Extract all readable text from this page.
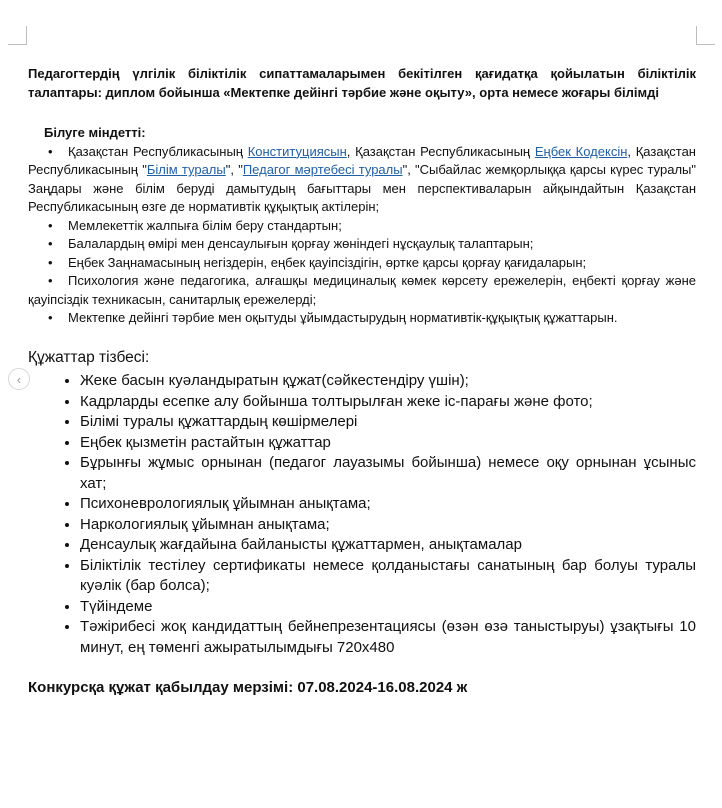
‹

Педагогтердің үлгілік біліктілік сипаттамаларымен бекітілген қағидатқа қойылатын біліктілік талаптары: диплом бойынша «Мектепке дейінгі тәрбие және оқыту», орта немесе жоғары білімді

Білуге міндетті:

• Қазақстан Республикасының Конституциясын, Қазақстан Республикасының Еңбек Кодексін, Қазақстан Республикасының "Білім туралы", "Педагог мәртебесі туралы", "Сыбайлас жемқорлыққа қарсы күрес туралы" Заңдары және білім беруді дамытудың бағыттары мен перспективаларын айқындайтын Қазақстан Республикасының өзге де нормативтік құқықтық актілерін;

• Мемлекеттік жалпыға білім беру стандартын;

• Балалардың өмірі мен денсаулығын қорғау жөніндегі нұсқаулық талаптарын;

• Еңбек Заңнамасының негіздерін, еңбек қауіпсіздігін, өртке қарсы қорғау қағидаларын;

• Психология және педагогика, алғашқы медициналық көмек көрсету ережелерін, еңбекті қорғау және қауіпсіздік техникасын, санитарлық ережелерді;

• Мектепке дейінгі тәрбие мен оқытуды ұйымдастырудың нормативтік-құқықтық құжаттарын.

Құжаттар тізбесі:
• Жеке басын куәландыратын құжат(сәйкестендіру үшін);
• Кадрларды есепке алу бойынша толтырылған жеке іс-парағы және фото;
• Білімі туралы құжаттардың көшірмелері
• Еңбек қызметін растайтын құжаттар
• Бұрынғы жұмыс орнынан (педагог лауазымы бойынша) немесе оқу орнынан ұсыныс хат;
• Психоневрологиялық ұйымнан анықтама;
• Наркологиялық ұйымнан анықтама;
• Денсаулық жағдайына байланысты құжаттармен, анықтамалар
• Біліктілік тестілеу сертификаты немесе қолданыстағы санатының бар болуы туралы куәлік (бар болса);
• Түйіндеме
• Тәжірибесі жоқ кандидаттың бейнепрезентациясы (өзән өзә таныстыруы) ұзақтығы 10 минут, ең төменгі ажыратылымдығы 720х480
Конкурсқа құжат қабылдау мерзімі: 07.08.2024-16.08.2024 ж
